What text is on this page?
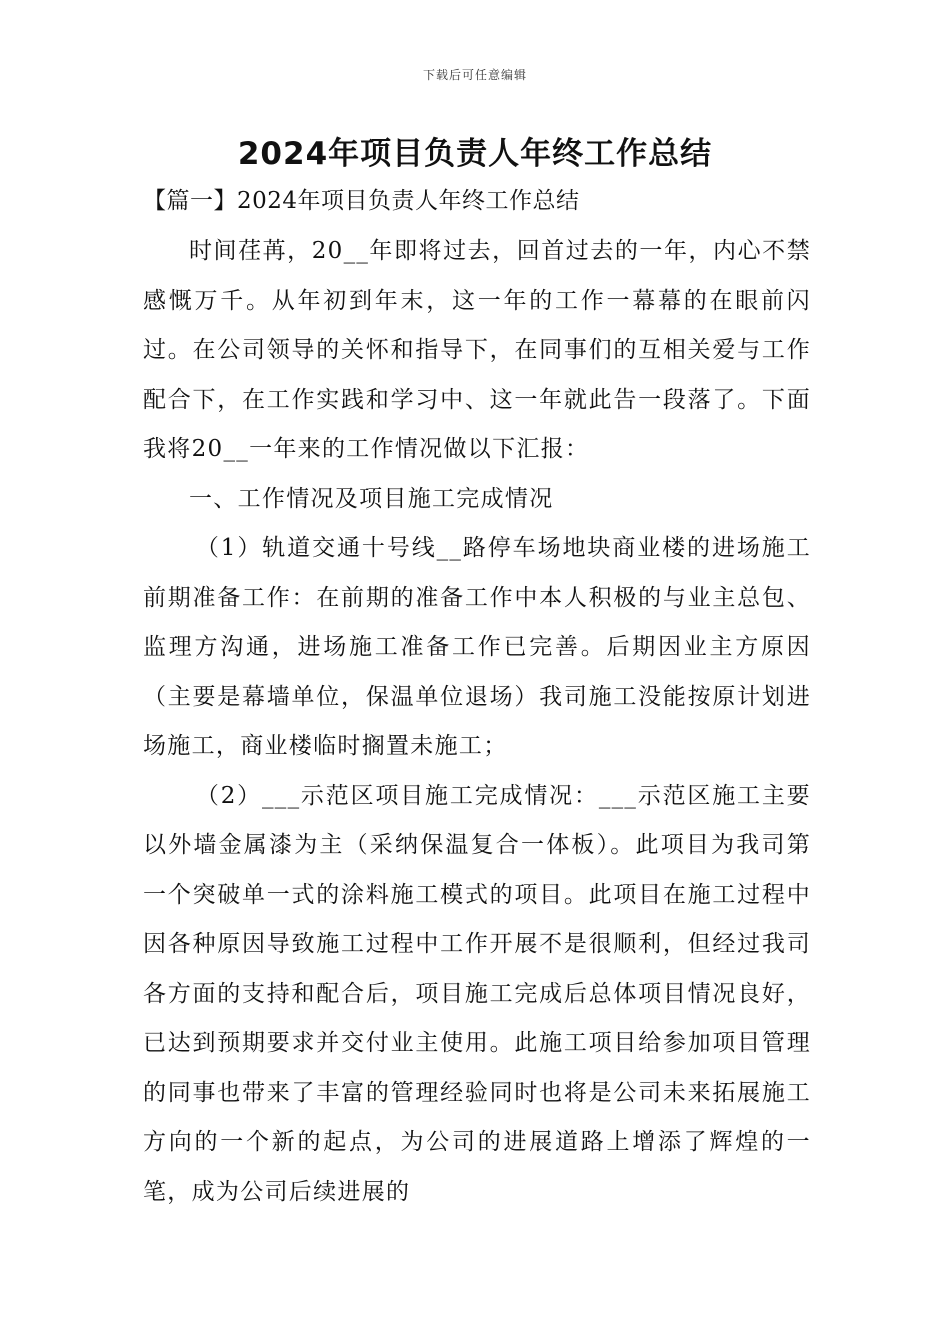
下载后可任意编辑
2024年项目负责人年终工作总结
【篇一】2024年项目负责人年终工作总结

时间荏苒，20__年即将过去，回首过去的一年，内心不禁感慨万千。从年初到年末，这一年的工作一幕幕的在眼前闪过。在公司领导的关怀和指导下，在同事们的互相关爱与工作配合下，在工作实践和学习中、这一年就此告一段落了。下面我将20__一年来的工作情况做以下汇报：

一、工作情况及项目施工完成情况

（1）轨道交通十号线__路停车场地块商业楼的进场施工前期准备工作：在前期的准备工作中本人积极的与业主总包、监理方沟通，进场施工准备工作已完善。后期因业主方原因（主要是幕墙单位，保温单位退场）我司施工没能按原计划进场施工，商业楼临时搁置未施工；

（2）___示范区项目施工完成情况：___示范区施工主要以外墙金属漆为主（采纳保温复合一体板）。此项目为我司第一个突破单一式的涂料施工模式的项目。此项目在施工过程中因各种原因导致施工过程中工作开展不是很顺利，但经过我司各方面的支持和配合后，项目施工完成后总体项目情况良好，已达到预期要求并交付业主使用。此施工项目给参加项目管理的同事也带来了丰富的管理经验同时也将是公司未来拓展施工方向的一个新的起点，为公司的进展道路上增添了辉煌的一笔，成为公司后续进展的
